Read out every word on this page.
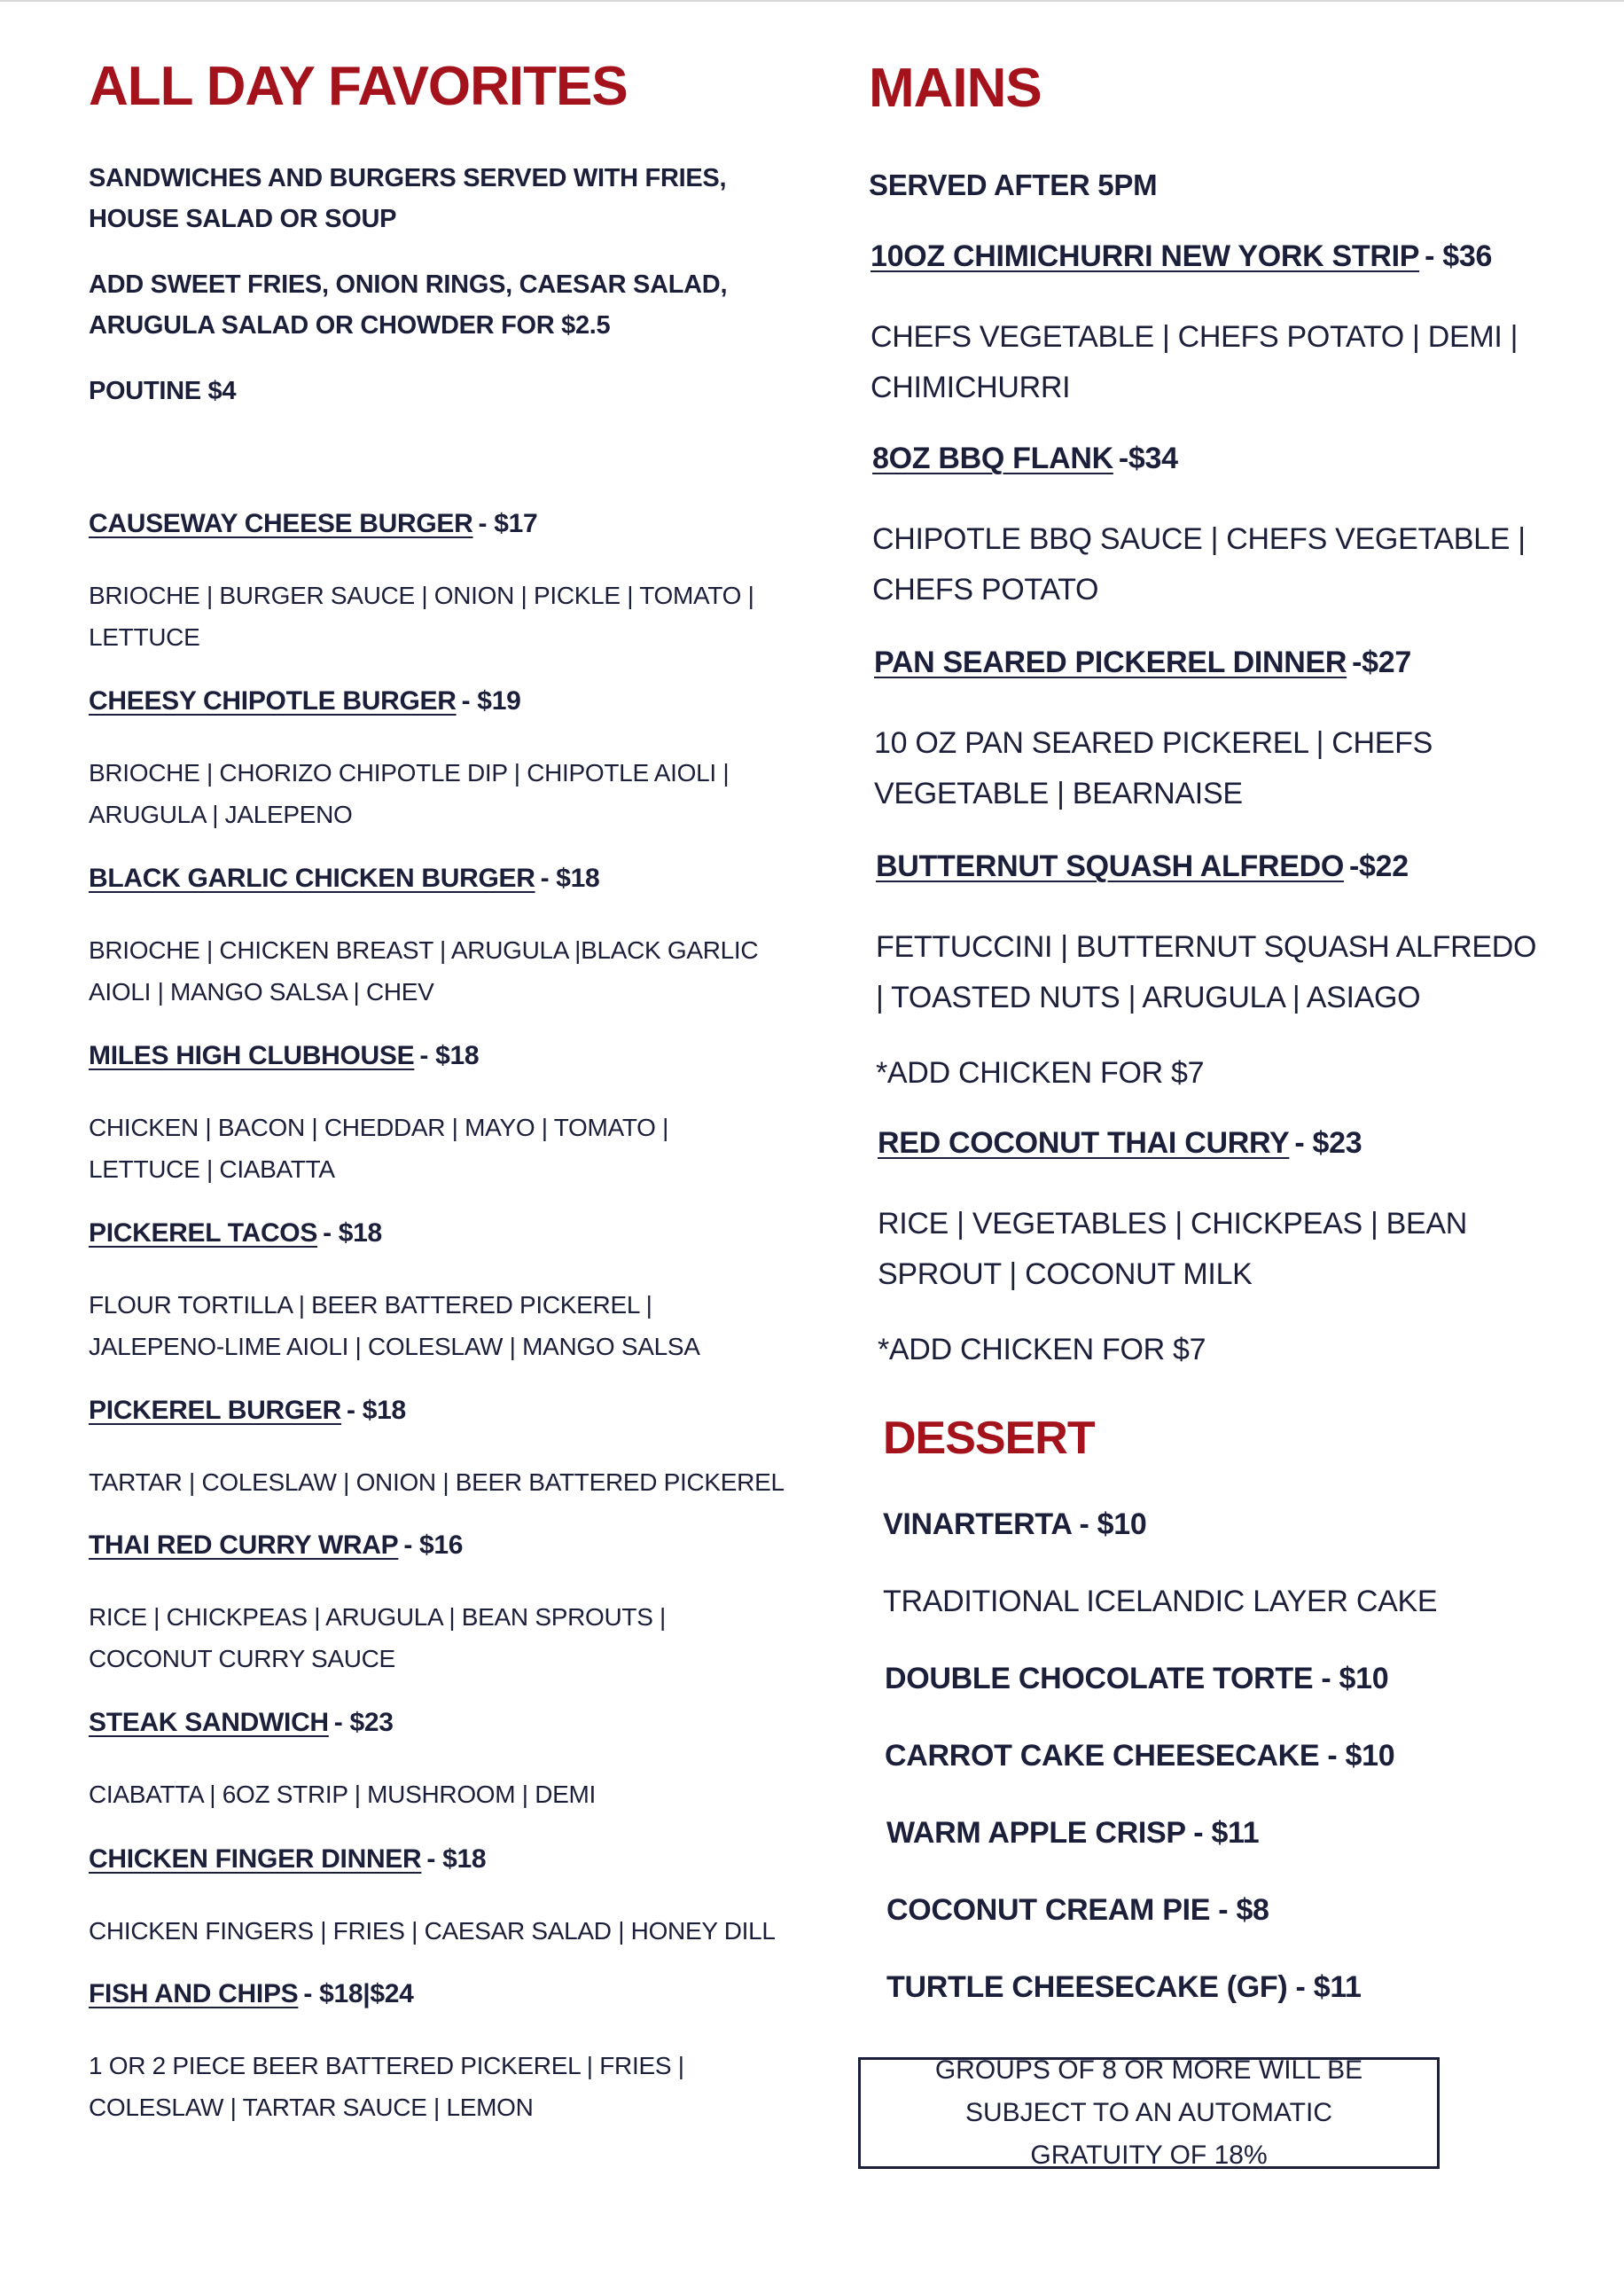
ALL DAY FAVORITES
SANDWICHES AND BURGERS SERVED WITH FRIES, HOUSE SALAD OR SOUP
ADD SWEET FRIES, ONION RINGS, CAESAR SALAD, ARUGULA SALAD OR CHOWDER FOR $2.5
POUTINE $4
CAUSEWAY CHEESE BURGER - $17
BRIOCHE | BURGER SAUCE | ONION | PICKLE | TOMATO | LETTUCE
CHEESY CHIPOTLE BURGER - $19
BRIOCHE | CHORIZO CHIPOTLE DIP | CHIPOTLE AIOLI | ARUGULA | JALEPENO
BLACK GARLIC CHICKEN BURGER - $18
BRIOCHE | CHICKEN BREAST | ARUGULA |BLACK GARLIC AIOLI | MANGO SALSA | CHEV
MILES HIGH CLUBHOUSE - $18
CHICKEN | BACON | CHEDDAR | MAYO | TOMATO | LETTUCE | CIABATTA
PICKEREL TACOS - $18
FLOUR TORTILLA | BEER BATTERED PICKEREL | JALEPENO-LIME AIOLI | COLESLAW | MANGO SALSA
PICKEREL BURGER - $18
TARTAR | COLESLAW | ONION | BEER BATTERED PICKEREL
THAI RED CURRY WRAP - $16
RICE | CHICKPEAS | ARUGULA | BEAN SPROUTS | COCONUT CURRY SAUCE
STEAK SANDWICH - $23
CIABATTA | 6OZ STRIP | MUSHROOM | DEMI
CHICKEN FINGER DINNER - $18
CHICKEN FINGERS | FRIES | CAESAR SALAD | HONEY DILL
FISH AND CHIPS - $18|$24
1 OR 2 PIECE BEER BATTERED PICKEREL | FRIES | COLESLAW | TARTAR SAUCE | LEMON
MAINS
SERVED AFTER 5PM
10OZ CHIMICHURRI NEW YORK STRIP - $36
CHEFS VEGETABLE | CHEFS POTATO | DEMI | CHIMICHURRI
8OZ BBQ FLANK -$34
CHIPOTLE BBQ SAUCE | CHEFS VEGETABLE | CHEFS POTATO
PAN SEARED PICKEREL DINNER -$27
10 OZ PAN SEARED PICKEREL | CHEFS VEGETABLE | BEARNAISE
BUTTERNUT SQUASH ALFREDO -$22
FETTUCCINI | BUTTERNUT SQUASH ALFREDO | TOASTED NUTS | ARUGULA | ASIAGO
*ADD CHICKEN FOR $7
RED COCONUT THAI CURRY - $23
RICE | VEGETABLES | CHICKPEAS | BEAN SPROUT | COCONUT MILK
*ADD CHICKEN FOR $7
DESSERT
VINARTERTA - $10
TRADITIONAL ICELANDIC LAYER CAKE
DOUBLE CHOCOLATE TORTE - $10
CARROT CAKE CHEESECAKE - $10
WARM APPLE CRISP - $11
COCONUT CREAM PIE - $8
TURTLE CHEESECAKE (GF) - $11
GROUPS OF 8 OR MORE WILL BE SUBJECT TO AN AUTOMATIC GRATUITY OF 18%
